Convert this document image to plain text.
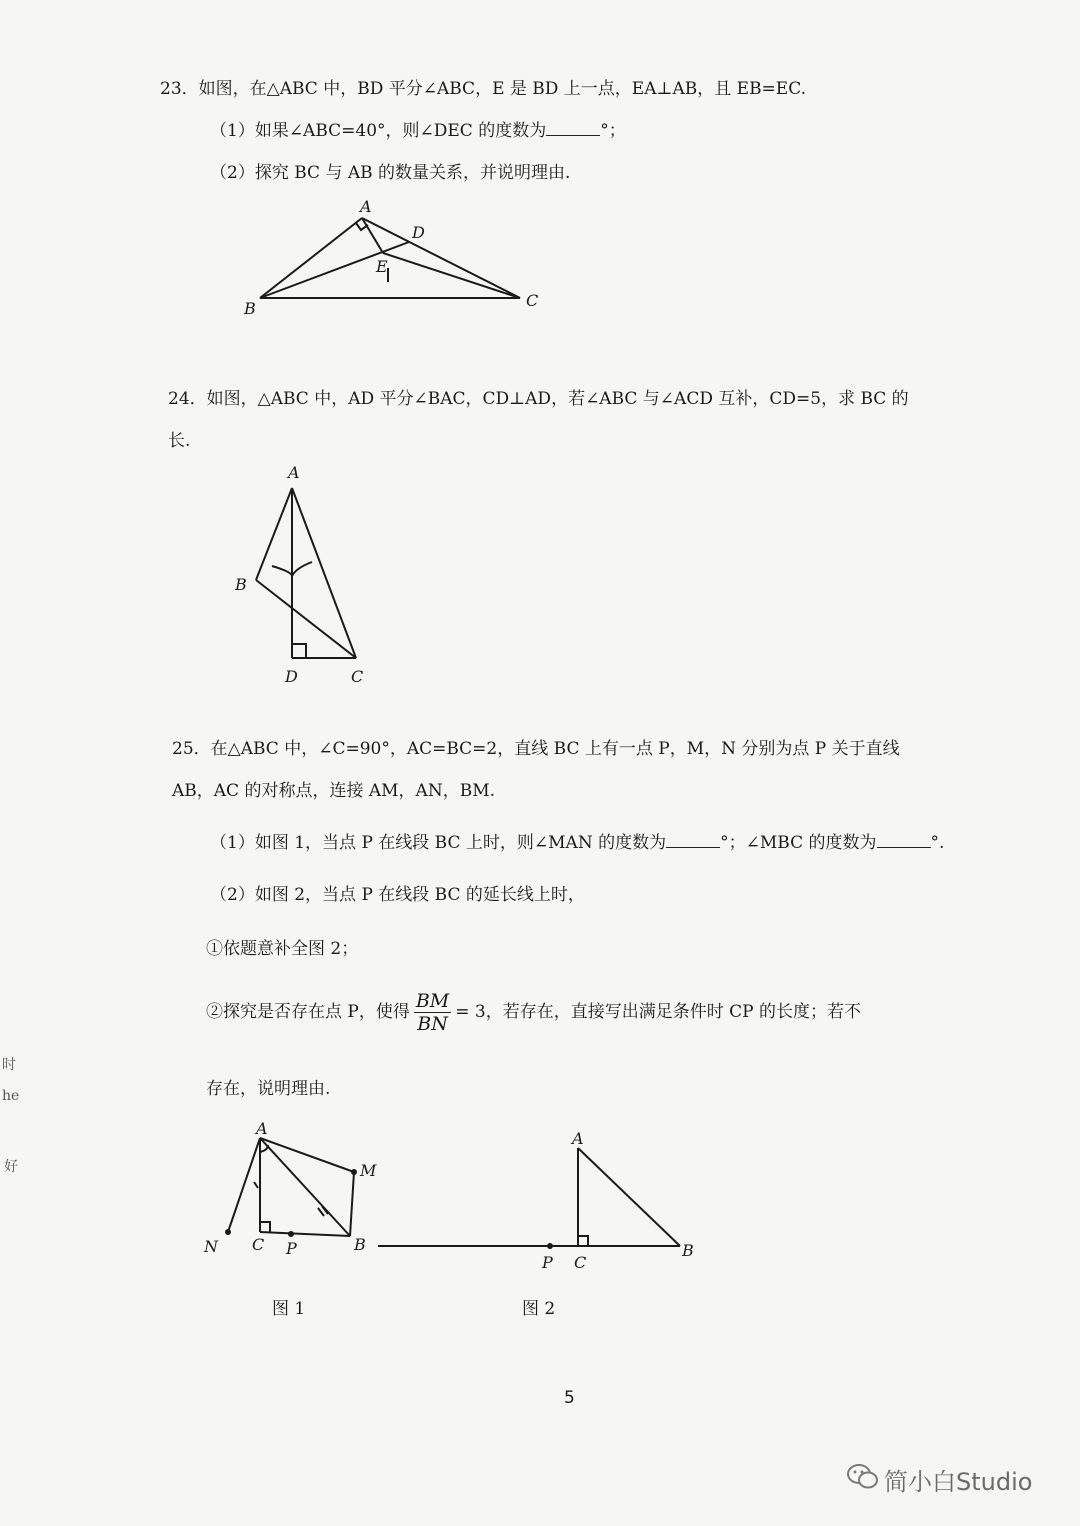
23．如图，在△ABC 中，BD 平分∠ABC，E 是 BD 上一点，EA⊥AB，且 EB=EC.
（1）如果∠ABC=40°，则∠DEC 的度数为	°；
（2）探究 BC 与 AB 的数量关系，并说明理由.
A
D
E
B	C
24．如图，△ABC 中，AD 平分∠BAC，CD⊥AD，若∠ABC 与∠ACD 互补，CD=5，求 BC 的
长.
A
B
D	C
25．在△ABC 中，∠C=90°，AC=BC=2，直线 BC 上有一点 P，M，N 分别为点 P 关于直线
AB，AC 的对称点，连接 AM，AN，BM.
（1）如图 1，当点 P 在线段 BC 上时，则∠MAN 的度数为	°；∠MBC 的度数为	°.
（2）如图 2，当点 P 在线段 BC 的延长线上时，
①依题意补全图 2；
②探究是否存在点 P，使得 $\frac{BM}{BN} = 3$，若存在，直接写出满足条件时 CP 的长度；若不
存在，说明理由.
A
M
N C P	B
图 1
A
P C
B
图 2
5
时
he
好
简小白Studio
